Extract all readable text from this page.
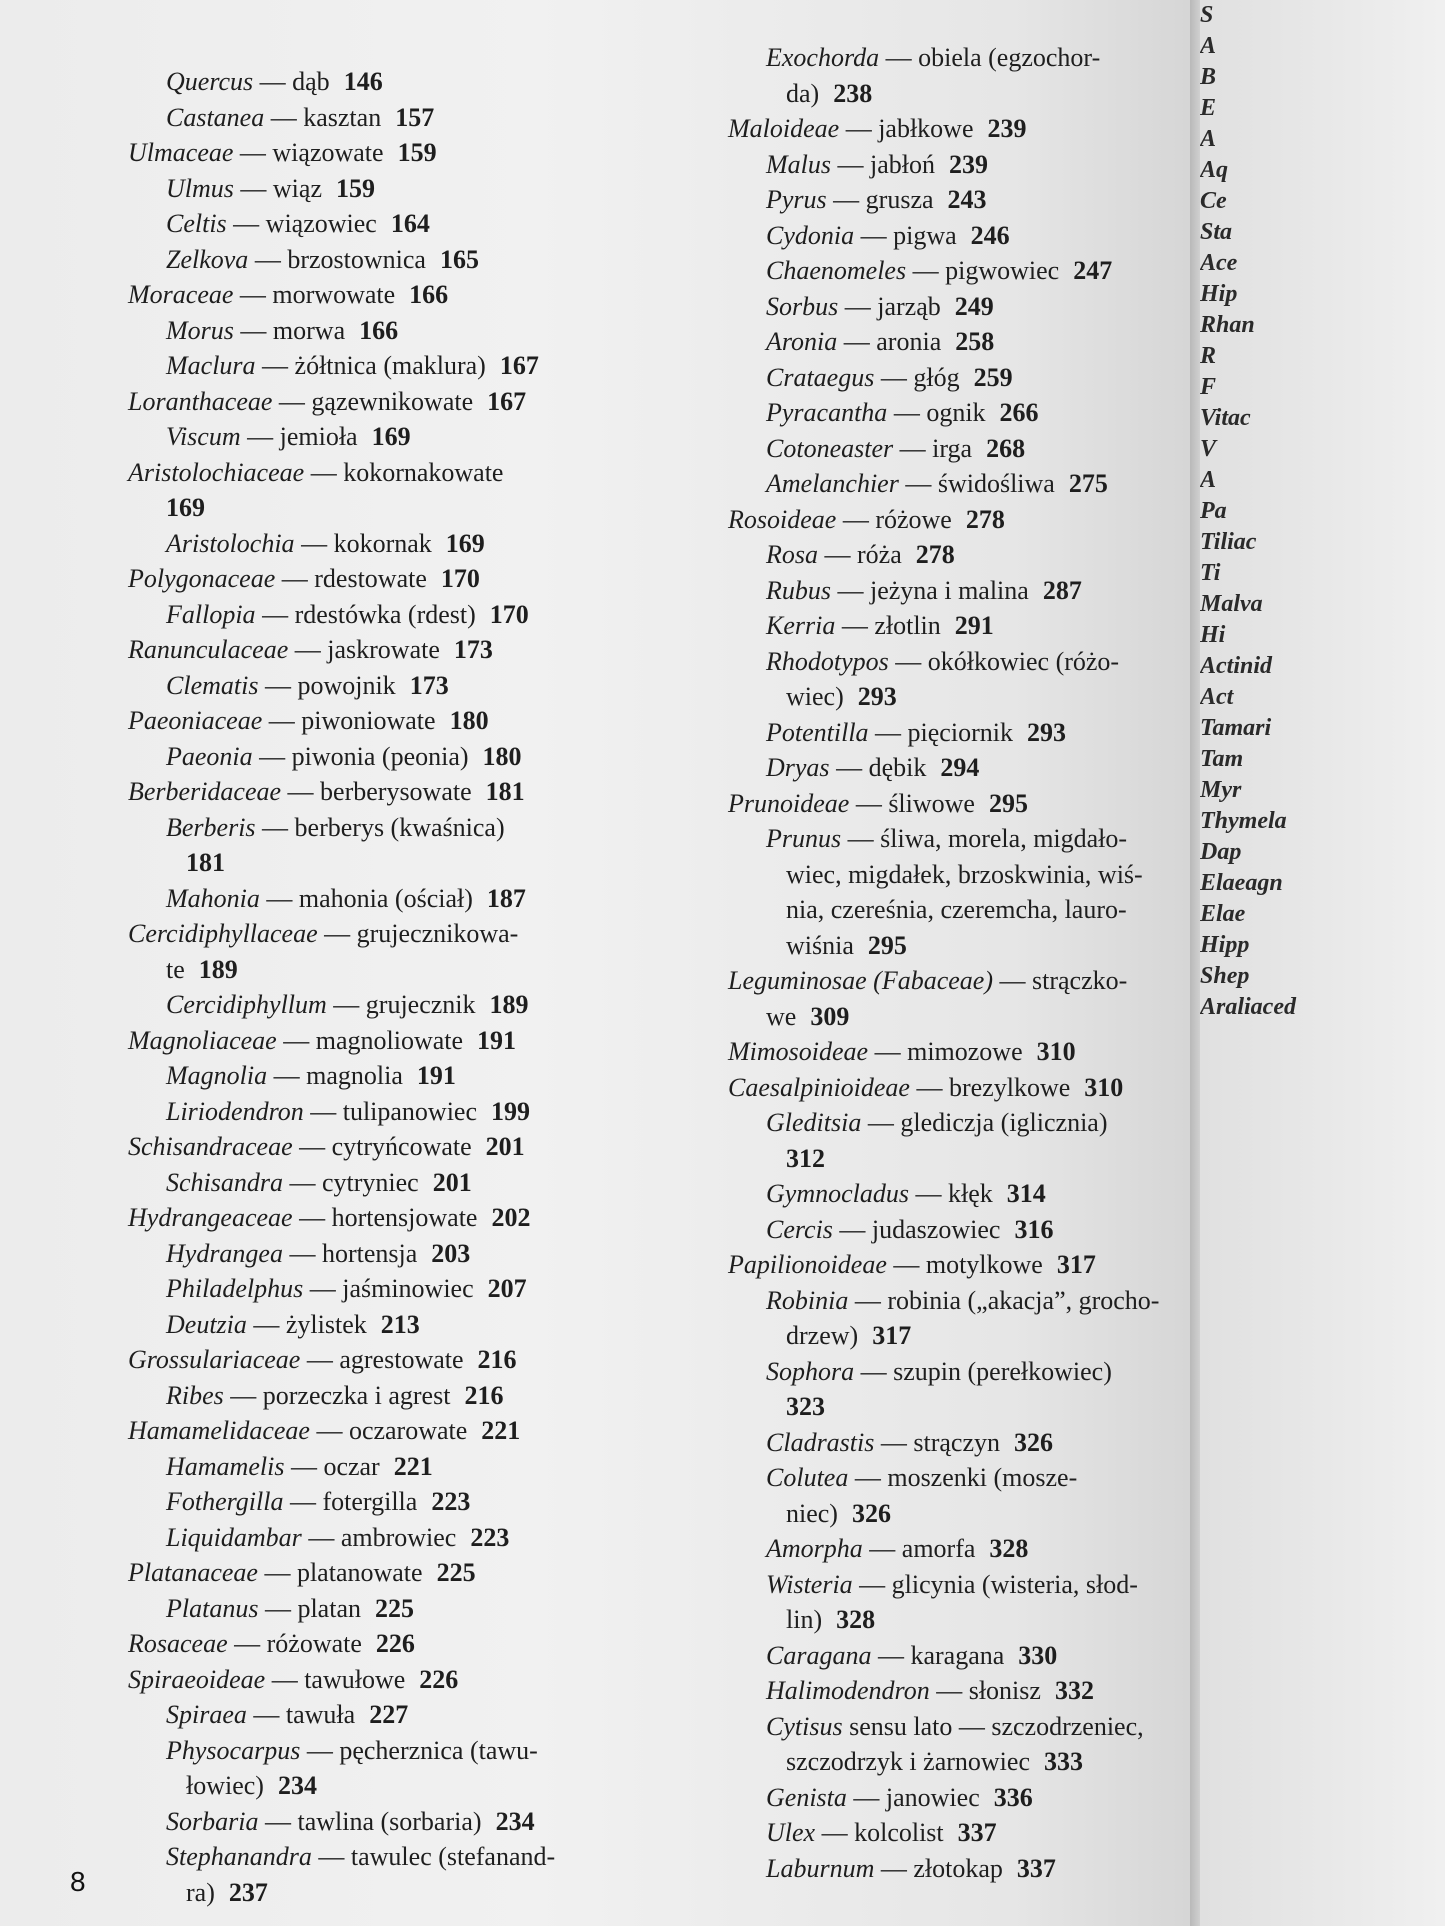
S
A
B
E
A
Aq
Ce
Sta
Ace
Hip
Rhan
R
F
Vitac
V
A
Pa
Tiliac
Ti
Malva
Hi
Actinid
Act
Tamari
Tam
Myr
Thymela
Dap
Elaeagn
Elae
Hipp
Shep
Araliaced
Quercus — dąb 146
Castanea — kasztan 157
Ulmaceae — wiązowate 159
Ulmus — wiąz 159
Celtis — wiązowiec 164
Zelkova — brzostownica 165
Moraceae — morwowate 166
Morus — morwa 166
Maclura — żółtnica (maklura) 167
Loranthaceae — gązewnikowate 167
Viscum — jemioła 169
Aristolochiaceae — kokornakowate
169
Aristolochia — kokornak 169
Polygonaceae — rdestowate 170
Fallopia — rdestówka (rdest) 170
Ranunculaceae — jaskrowate 173
Clematis — powojnik 173
Paeoniaceae — piwoniowate 180
Paeonia — piwonia (peonia) 180
Berberidaceae — berberysowate 181
Berberis — berberys (kwaśnica)
181
Mahonia — mahonia (ościał) 187
Cercidiphyllaceae — grujecznikowa-
te 189
Cercidiphyllum — grujecznik 189
Magnoliaceae — magnoliowate 191
Magnolia — magnolia 191
Liriodendron — tulipanowiec 199
Schisandraceae — cytryńcowate 201
Schisandra — cytryniec 201
Hydrangeaceae — hortensjowate 202
Hydrangea — hortensja 203
Philadelphus — jaśminowiec 207
Deutzia — żylistek 213
Grossulariaceae — agrestowate 216
Ribes — porzeczka i agrest 216
Hamamelidaceae — oczarowate 221
Hamamelis — oczar 221
Fothergilla — fotergilla 223
Liquidambar — ambrowiec 223
Platanaceae — platanowate 225
Platanus — platan 225
Rosaceae — różowate 226
Spiraeoideae — tawułowe 226
Spiraea — tawuła 227
Physocarpus — pęcherznica (tawu-
łowiec) 234
Sorbaria — tawlina (sorbaria) 234
Stephanandra — tawulec (stefanand-
ra) 237
Exochorda — obiela (egzochor-
da) 238
Maloideae — jabłkowe 239
Malus — jabłoń 239
Pyrus — grusza 243
Cydonia — pigwa 246
Chaenomeles — pigwowiec 247
Sorbus — jarząb 249
Aronia — aronia 258
Crataegus — głóg 259
Pyracantha — ognik 266
Cotoneaster — irga 268
Amelanchier — świdośliwa 275
Rosoideae — różowe 278
Rosa — róża 278
Rubus — jeżyna i malina 287
Kerria — złotlin 291
Rhodotypos — okółkowiec (różo-
wiec) 293
Potentilla — pięciornik 293
Dryas — dębik 294
Prunoideae — śliwowe 295
Prunus — śliwa, morela, migdało-
wiec, migdałek, brzoskwinia, wiś-
nia, czereśnia, czeremcha, lauro-
wiśnia 295
Leguminosae (Fabaceae) — strączko-
we 309
Mimosoideae — mimozowe 310
Caesalpinioideae — brezylkowe 310
Gleditsia — glediczja (iglicznia)
312
Gymnocladus — kłęk 314
Cercis — judaszowiec 316
Papilionoideae — motylkowe 317
Robinia — robinia („akacja”, grocho-
drzew) 317
Sophora — szupin (perełkowiec)
323
Cladrastis — strączyn 326
Colutea — moszenki (mosze-
niec) 326
Amorpha — amorfa 328
Wisteria — glicynia (wisteria, słod-
lin) 328
Caragana — karagana 330
Halimodendron — słonisz 332
Cytisus sensu lato — szczodrzeniec,
szczodrzyk i żarnowiec 333
Genista — janowiec 336
Ulex — kolcolist 337
Laburnum — złotokap 337
8
